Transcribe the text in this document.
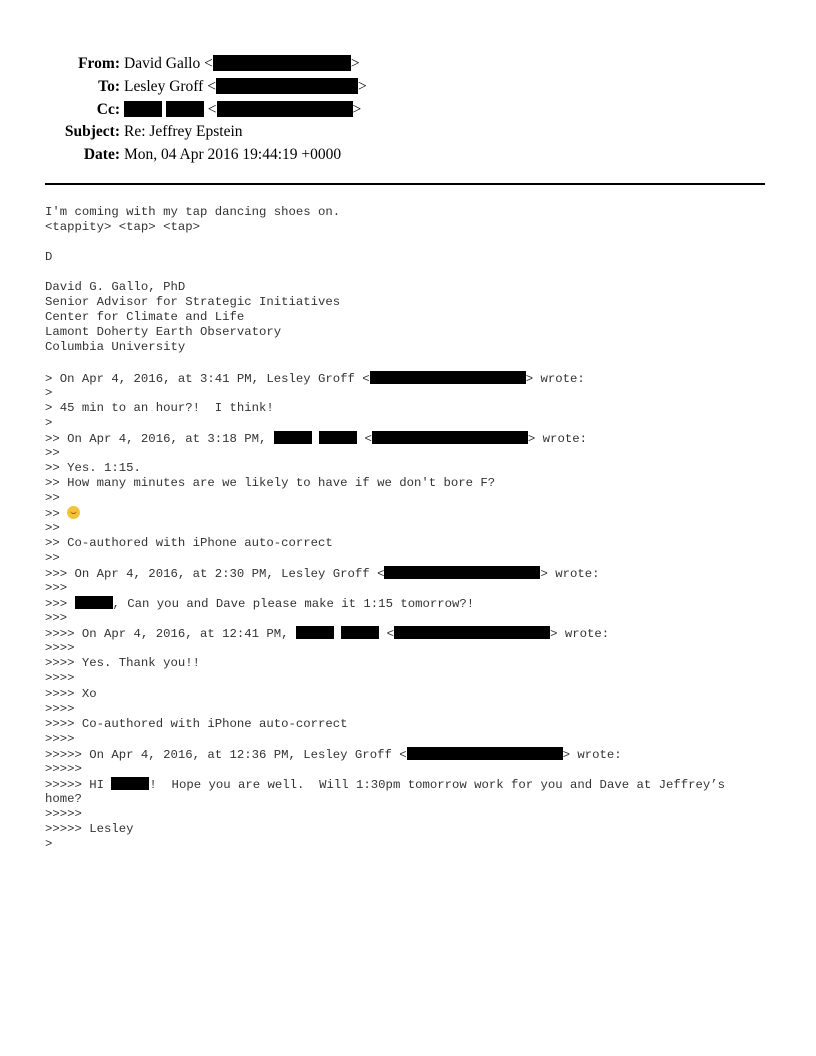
From: David Gallo <	>
To: Lesley Groff <	>
Cc:	<	>
Subject: Re: Jeffrey Epstein
Date: Mon, 04 Apr 2016 19:44:19 +0000
I'm coming with my tap dancing shoes on.
<tappity> <tap> <tap>
D
David G. Gallo, PhD
Senior Advisor for Strategic Initiatives
Center for Climate and Life
Lamont Doherty Earth Observatory
Columbia University
> On Apr 4, 2016, at 3:41 PM, Lesley Groff <	> wrote:
>
> 45 min to an hour?!  I think!
>
>> On Apr 4, 2016, at 3:18 PM,	<	> wrote:
>>
>> Yes. 1:15.
>> How many minutes are we likely to have if we don't bore F?
>>
>>
>>
>> Co-authored with iPhone auto-correct
>>
>>> On Apr 4, 2016, at 2:30 PM, Lesley Groff <	> wrote:
>>>
>>>	, Can you and Dave please make it 1:15 tomorrow?!
>>>
>>>> On Apr 4, 2016, at 12:41 PM,	<	> wrote:
>>>>
>>>> Yes. Thank you!!
>>>>
>>>> Xo
>>>>
>>>> Co-authored with iPhone auto-correct
>>>>
>>>>> On Apr 4, 2016, at 12:36 PM, Lesley Groff <	> wrote:
>>>>>
>>>>> HI	!  Hope you are well.  Will 1:30pm tomorrow work for you and Dave at Jeffrey’s
home?
>>>>>
>>>>> Lesley
>
